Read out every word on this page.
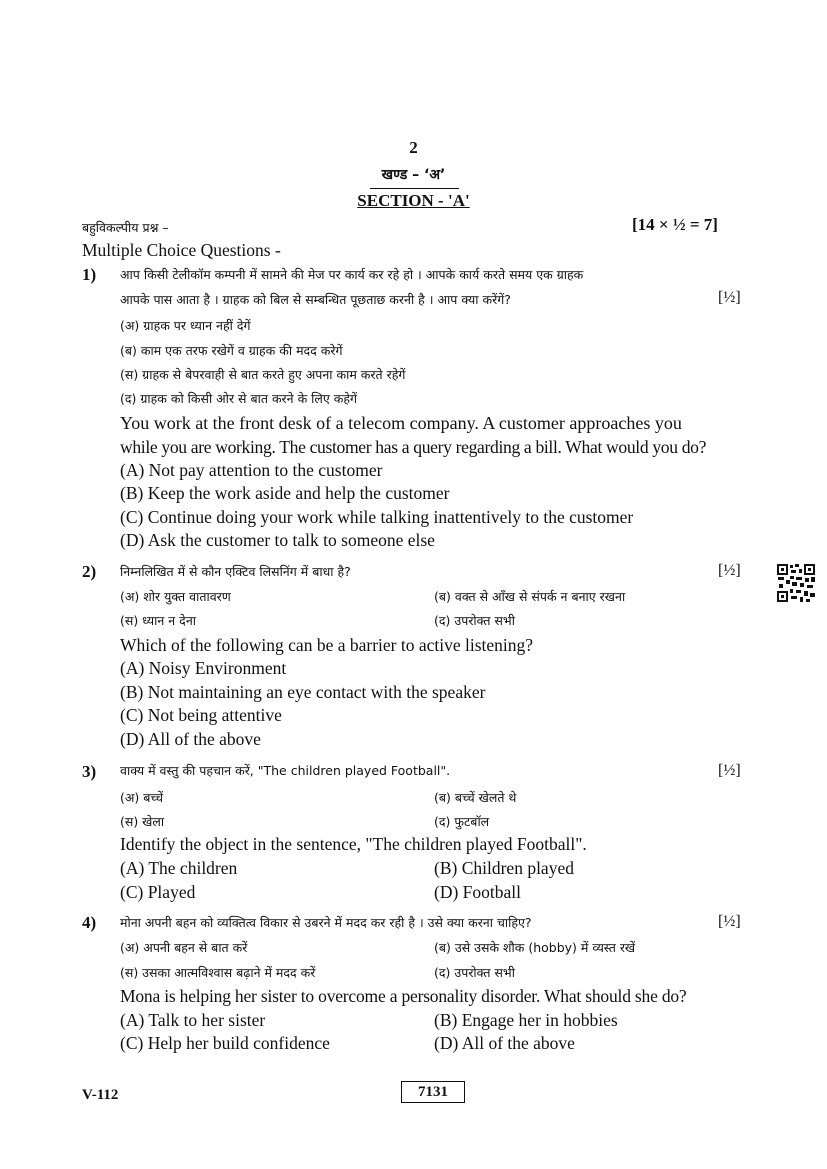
2
खण्ड – ‘अ’
SECTION - 'A'
बहुविकल्पीय प्रश्न –	[14 × ½ = 7]
Multiple Choice Questions -
1) आप किसी टेलीकॉम कम्पनी में सामने की मेज पर कार्य कर रहे हो । आपके कार्य करते समय एक ग्राहक
आपके पास आता है । ग्राहक को बिल से सम्बन्धित पूछताछ करनी है । आप क्या करेंगें?	[½]
(अ) ग्राहक पर ध्यान नहीं देगें
(ब) काम एक तरफ रखेगें व ग्राहक की मदद करेगें
(स) ग्राहक से बेपरवाही से बात करते हुए अपना काम करते रहेगें
(द) ग्राहक को किसी ओर से बात करने के लिए कहेगें
You work at the front desk of a telecom company. A customer approaches you
while you are working. The customer has a query regarding a bill. What would you do?
(A) Not pay attention to the customer
(B) Keep the work aside and help the customer
(C) Continue doing your work while talking inattentively to the customer
(D) Ask the customer to talk to someone else
2) निम्नलिखित में से कौन एक्टिव लिसनिंग में बाधा है?	[½]
(अ) शोर युक्त वातावरण	(ब) वक्त से आँख से संपर्क न बनाए रखना
(स) ध्यान न देना	(द) उपरोक्त सभी
Which of the following can be a barrier to active listening?
(A) Noisy Environment
(B) Not maintaining an eye contact with the speaker
(C) Not being attentive
(D) All of the above
3) वाक्य में वस्तु की पहचान करें, "The children played Football".	[½]
(अ) बच्चें	(ब) बच्चें खेलते थे
(स) खेला	(द) फुटबॉल
Identify the object in the sentence, "The children played Football".
(A) The children	(B) Children played
(C) Played	(D) Football
4) मोना अपनी बहन को व्यक्तित्व विकार से उबरने में मदद कर रही है । उसे क्या करना चाहिए?	[½]
(अ) अपनी बहन से बात करें	(ब) उसे उसके शौक (hobby) में व्यस्त रखें
(स) उसका आत्मविश्वास बढ़ाने में मदद करें	(द) उपरोक्त सभी
Mona is helping her sister to overcome a personality disorder. What should she do?
(A) Talk to her sister	(B) Engage her in hobbies
(C) Help her build confidence	(D) All of the above
V-112	7131
